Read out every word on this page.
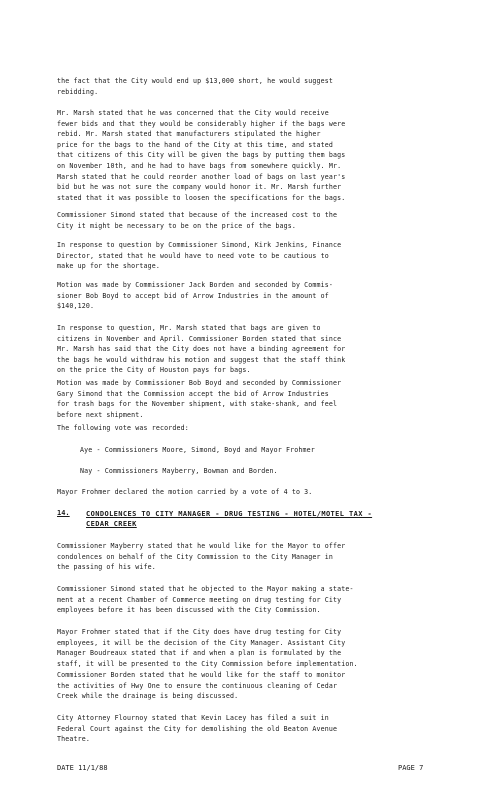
the fact that the City would end up $13,000 short, he would suggest
rebidding.
Mr. Marsh stated that he was concerned that the City would receive
fewer bids and that they would be considerably higher if the bags were
rebid. Mr. Marsh stated that manufacturers stipulated the higher
price for the bags to the hand of the City at this time, and stated
that citizens of this City will be given the bags by putting them bags
on November 10th, and he had to have bags from somewhere quickly. Mr.
Marsh stated that he could reorder another load of bags on last year's
bid but he was not sure the company would honor it. Mr. Marsh further
stated that it was possible to loosen the specifications for the bags.
Commissioner Simond stated that because of the increased cost to the
City it might be necessary to be on the price of the bags.
In response to question by Commissioner Simond, Kirk Jenkins, Finance
Director, stated that he would have to need vote to be cautious to
make up for the shortage.
Motion was made by Commissioner Jack Borden and seconded by Commis-
sioner Bob Boyd to accept bid of Arrow Industries in the amount of
$140,120.
In response to question, Mr. Marsh stated that bags are given to
citizens in November and April. Commissioner Borden stated that since
Mr. Marsh has said that the City does not have a binding agreement for
the bags he would withdraw his motion and suggest that the staff think
on the price the City of Houston pays for bags.
Motion was made by Commissioner Bob Boyd and seconded by Commissioner
Gary Simond that the Commission accept the bid of Arrow Industries
for trash bags for the November shipment, with stake-shank, and feel
before next shipment.
The following vote was recorded:
Aye - Commissioners Moore, Simond, Boyd and Mayor Frohmer
Nay - Commissioners Mayberry, Bowman and Borden.
Mayor Frohmer declared the motion carried by a vote of 4 to 3.
14. CONDOLENCES TO CITY MANAGER - DRUG TESTING - HOTEL/MOTEL TAX -
CEDAR CREEK
Commissioner Mayberry stated that he would like for the Mayor to offer
condolences on behalf of the City Commission to the City Manager in
the passing of his wife.
Commissioner Simond stated that he objected to the Mayor making a state-
ment at a recent Chamber of Commerce meeting on drug testing for City
employees before it has been discussed with the City Commission.
Mayor Frohmer stated that if the City does have drug testing for City
employees, it will be the decision of the City Manager. Assistant City
Manager Boudreaux stated that if and when a plan is formulated by the
staff, it will be presented to the City Commission before implementation.
Commissioner Borden stated that he would like for the staff to monitor
the activities of Hwy One to ensure the continuous cleaning of Cedar
Creek while the drainage is being discussed.
City Attorney Flournoy stated that Kevin Lacey has filed a suit in
Federal Court against the City for demolishing the old Beaton Avenue
Theatre.
DATE 11/1/88	PAGE 7
